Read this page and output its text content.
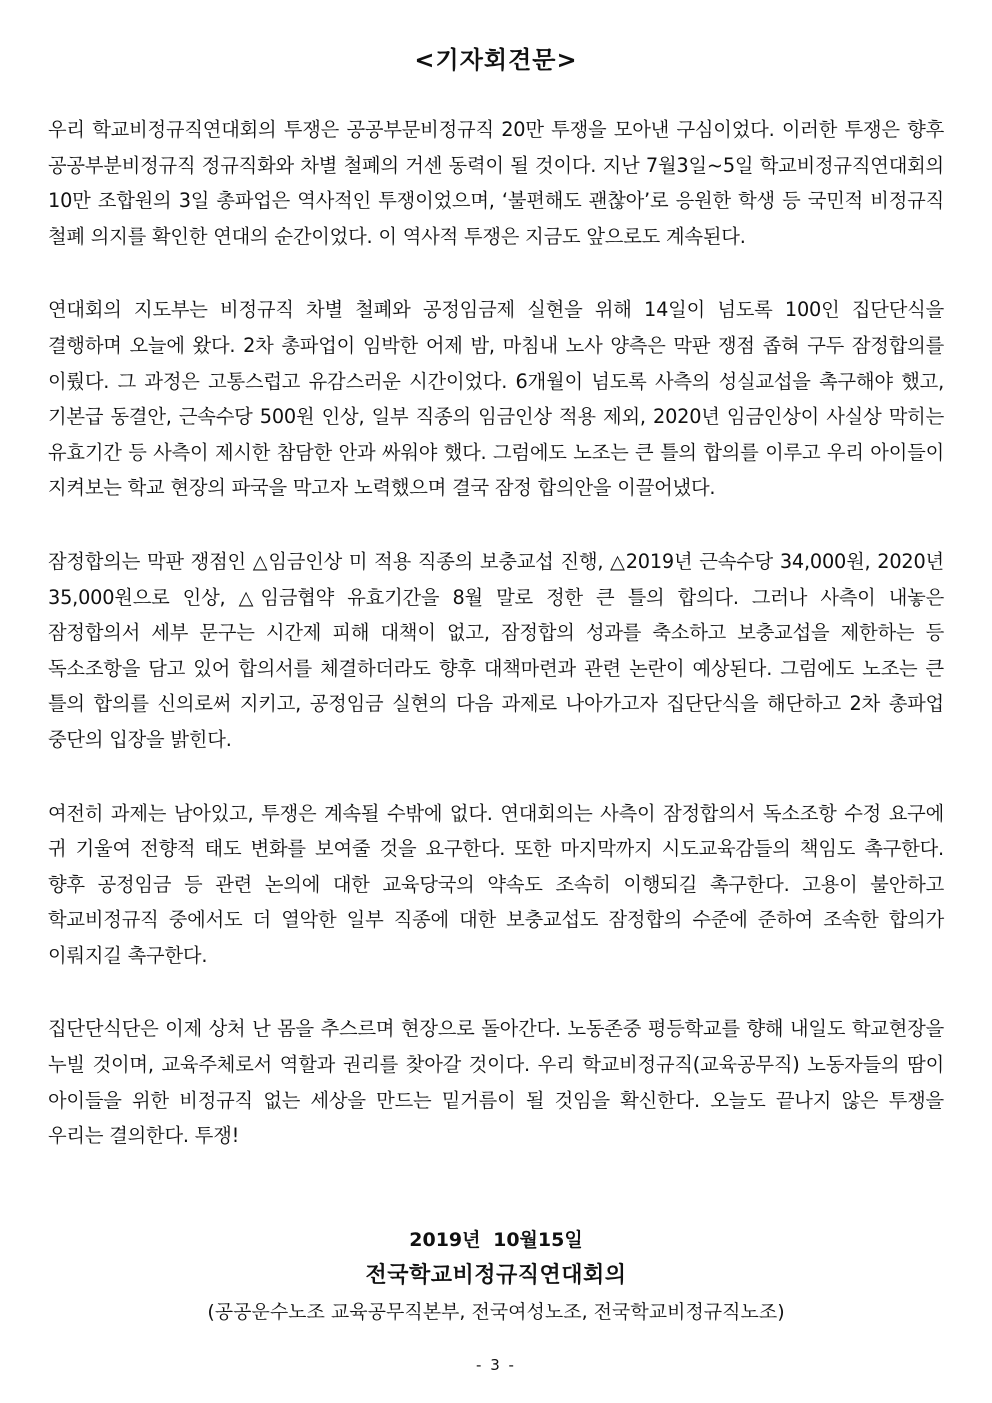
<기자회견문>

우리 학교비정규직연대회의 투쟁은 공공부문비정규직 20만 투쟁을 모아낸 구심이었다. 이러한 투쟁은 향후 공공부분비정규직 정규직화와 차별 철폐의 거센 동력이 될 것이다. 지난 7월3일~5일 학교비정규직연대회의 10만 조합원의 3일 총파업은 역사적인 투쟁이었으며, ‘불편해도 괜찮아’로 응원한 학생 등 국민적 비정규직 철폐 의지를 확인한 연대의 순간이었다. 이 역사적 투쟁은 지금도 앞으로도 계속된다.

연대회의 지도부는 비정규직 차별 철폐와 공정임금제 실현을 위해 14일이 넘도록 100인 집단단식을 결행하며 오늘에 왔다. 2차 총파업이 임박한 어제 밤, 마침내 노사 양측은 막판 쟁점 좁혀 구두 잠정합의를 이뤘다. 그 과정은 고통스럽고 유감스러운 시간이었다. 6개월이 넘도록 사측의 성실교섭을 촉구해야 했고, 기본급 동결안, 근속수당 500원 인상, 일부 직종의 임금인상 적용 제외, 2020년 임금인상이 사실상 막히는 유효기간 등 사측이 제시한 참담한 안과 싸워야 했다. 그럼에도 노조는 큰 틀의 합의를 이루고 우리 아이들이 지켜보는 학교 현장의 파국을 막고자 노력했으며 결국 잠정 합의안을 이끌어냈다.

잠정합의는 막판 쟁점인 △임금인상 미 적용 직종의 보충교섭 진행, △2019년 근속수당 34,000원, 2020년 35,000원으로 인상, △임금협약 유효기간을 8월 말로 정한 큰 틀의 합의다. 그러나 사측이 내놓은 잠정합의서 세부 문구는 시간제 피해 대책이 없고, 잠정합의 성과를 축소하고 보충교섭을 제한하는 등 독소조항을 담고 있어 합의서를 체결하더라도 향후 대책마련과 관련 논란이 예상된다. 그럼에도 노조는 큰 틀의 합의를 신의로써 지키고, 공정임금 실현의 다음 과제로 나아가고자 집단단식을 해단하고 2차 총파업 중단의 입장을 밝힌다.

여전히 과제는 남아있고, 투쟁은 계속될 수밖에 없다. 연대회의는 사측이 잠정합의서 독소조항 수정 요구에 귀 기울여 전향적 태도 변화를 보여줄 것을 요구한다. 또한 마지막까지 시도교육감들의 책임도 촉구한다. 향후 공정임금 등 관련 논의에 대한 교육당국의 약속도 조속히 이행되길 촉구한다. 고용이 불안하고 학교비정규직 중에서도 더 열악한 일부 직종에 대한 보충교섭도 잠정합의 수준에 준하여 조속한 합의가 이뤄지길 촉구한다.

집단단식단은 이제 상처 난 몸을 추스르며 현장으로 돌아간다. 노동존중 평등학교를 향해 내일도 학교현장을 누빌 것이며, 교육주체로서 역할과 권리를 찾아갈 것이다. 우리 학교비정규직(교육공무직) 노동자들의 땀이 아이들을 위한 비정규직 없는 세상을 만드는 밑거름이 될 것임을 확신한다. 오늘도 끝나지 않은 투쟁을 우리는 결의한다. 투쟁!

2019년 10월15일
전국학교비정규직연대회의
(공공운수노조 교육공무직본부, 전국여성노조, 전국학교비정규직노조)
- 3 -
